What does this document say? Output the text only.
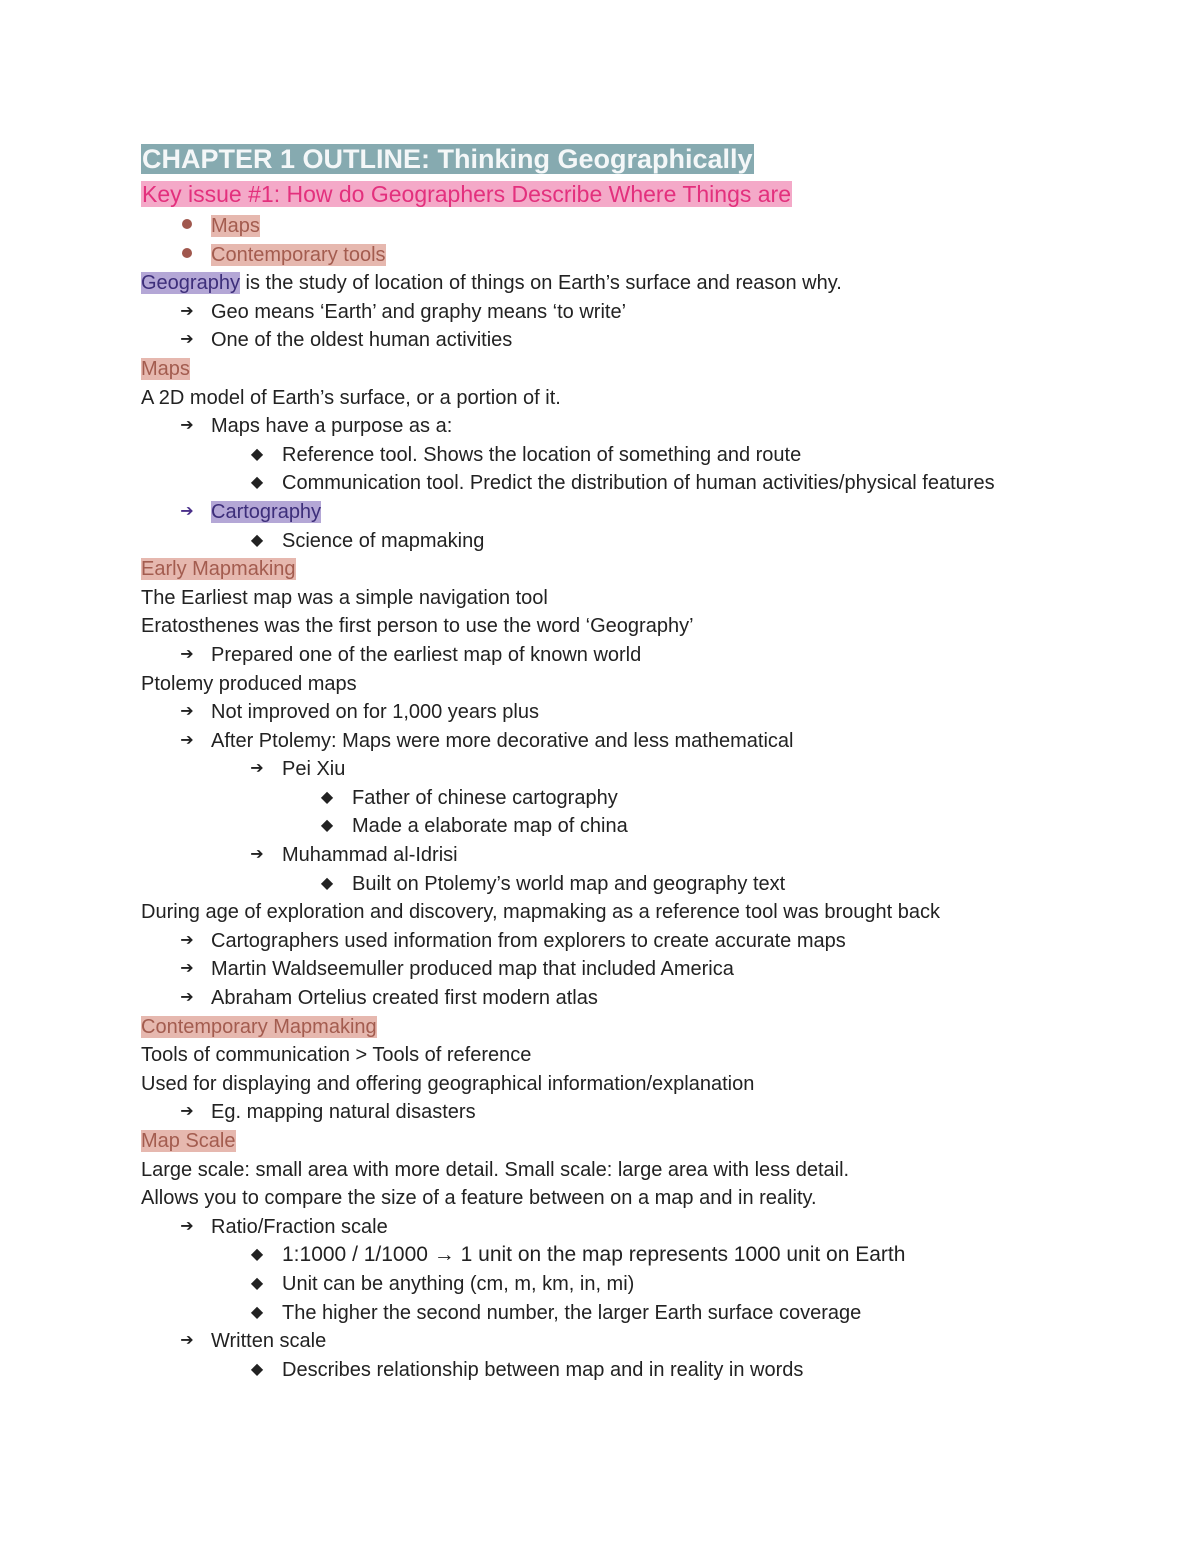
CHAPTER 1 OUTLINE: Thinking Geographically
Key issue #1: How do Geographers Describe Where Things are
Maps
Contemporary tools
Geography is the study of location of things on Earth’s surface and reason why.
➔ Geo means ‘Earth’ and graphy means ‘to write’
➔ One of the oldest human activities
Maps
A 2D model of Earth’s surface, or a portion of it.
➔ Maps have a purpose as a:
◆ Reference tool. Shows the location of something and route
◆ Communication tool. Predict the distribution of human activities/physical features
➔ Cartography
◆ Science of mapmaking
Early Mapmaking
The Earliest map was a simple navigation tool
Eratosthenes was the first person to use the word ‘Geography’
➔ Prepared one of the earliest map of known world
Ptolemy produced maps
➔ Not improved on for 1,000 years plus
➔ After Ptolemy: Maps were more decorative and less mathematical
➔ Pei Xiu
◆ Father of chinese cartography
◆ Made a elaborate map of china
➔ Muhammad al-Idrisi
◆ Built on Ptolemy’s world map and geography text
During age of exploration and discovery, mapmaking as a reference tool was brought back
➔ Cartographers used information from explorers to create accurate maps
➔ Martin Waldseemuller produced map that included America
➔ Abraham Ortelius created first modern atlas
Contemporary Mapmaking
Tools of communication > Tools of reference
Used for displaying and offering geographical information/explanation
➔ Eg. mapping natural disasters
Map Scale
Large scale: small area with more detail. Small scale: large area with less detail.
Allows you to compare the size of a feature between on a map and in reality.
➔ Ratio/Fraction scale
◆ 1:1000 / 1/1000 → 1 unit on the map represents 1000 unit on Earth
◆ Unit can be anything (cm, m, km, in, mi)
◆ The higher the second number, the larger Earth surface coverage
➔ Written scale
◆ Describes relationship between map and in reality in words
